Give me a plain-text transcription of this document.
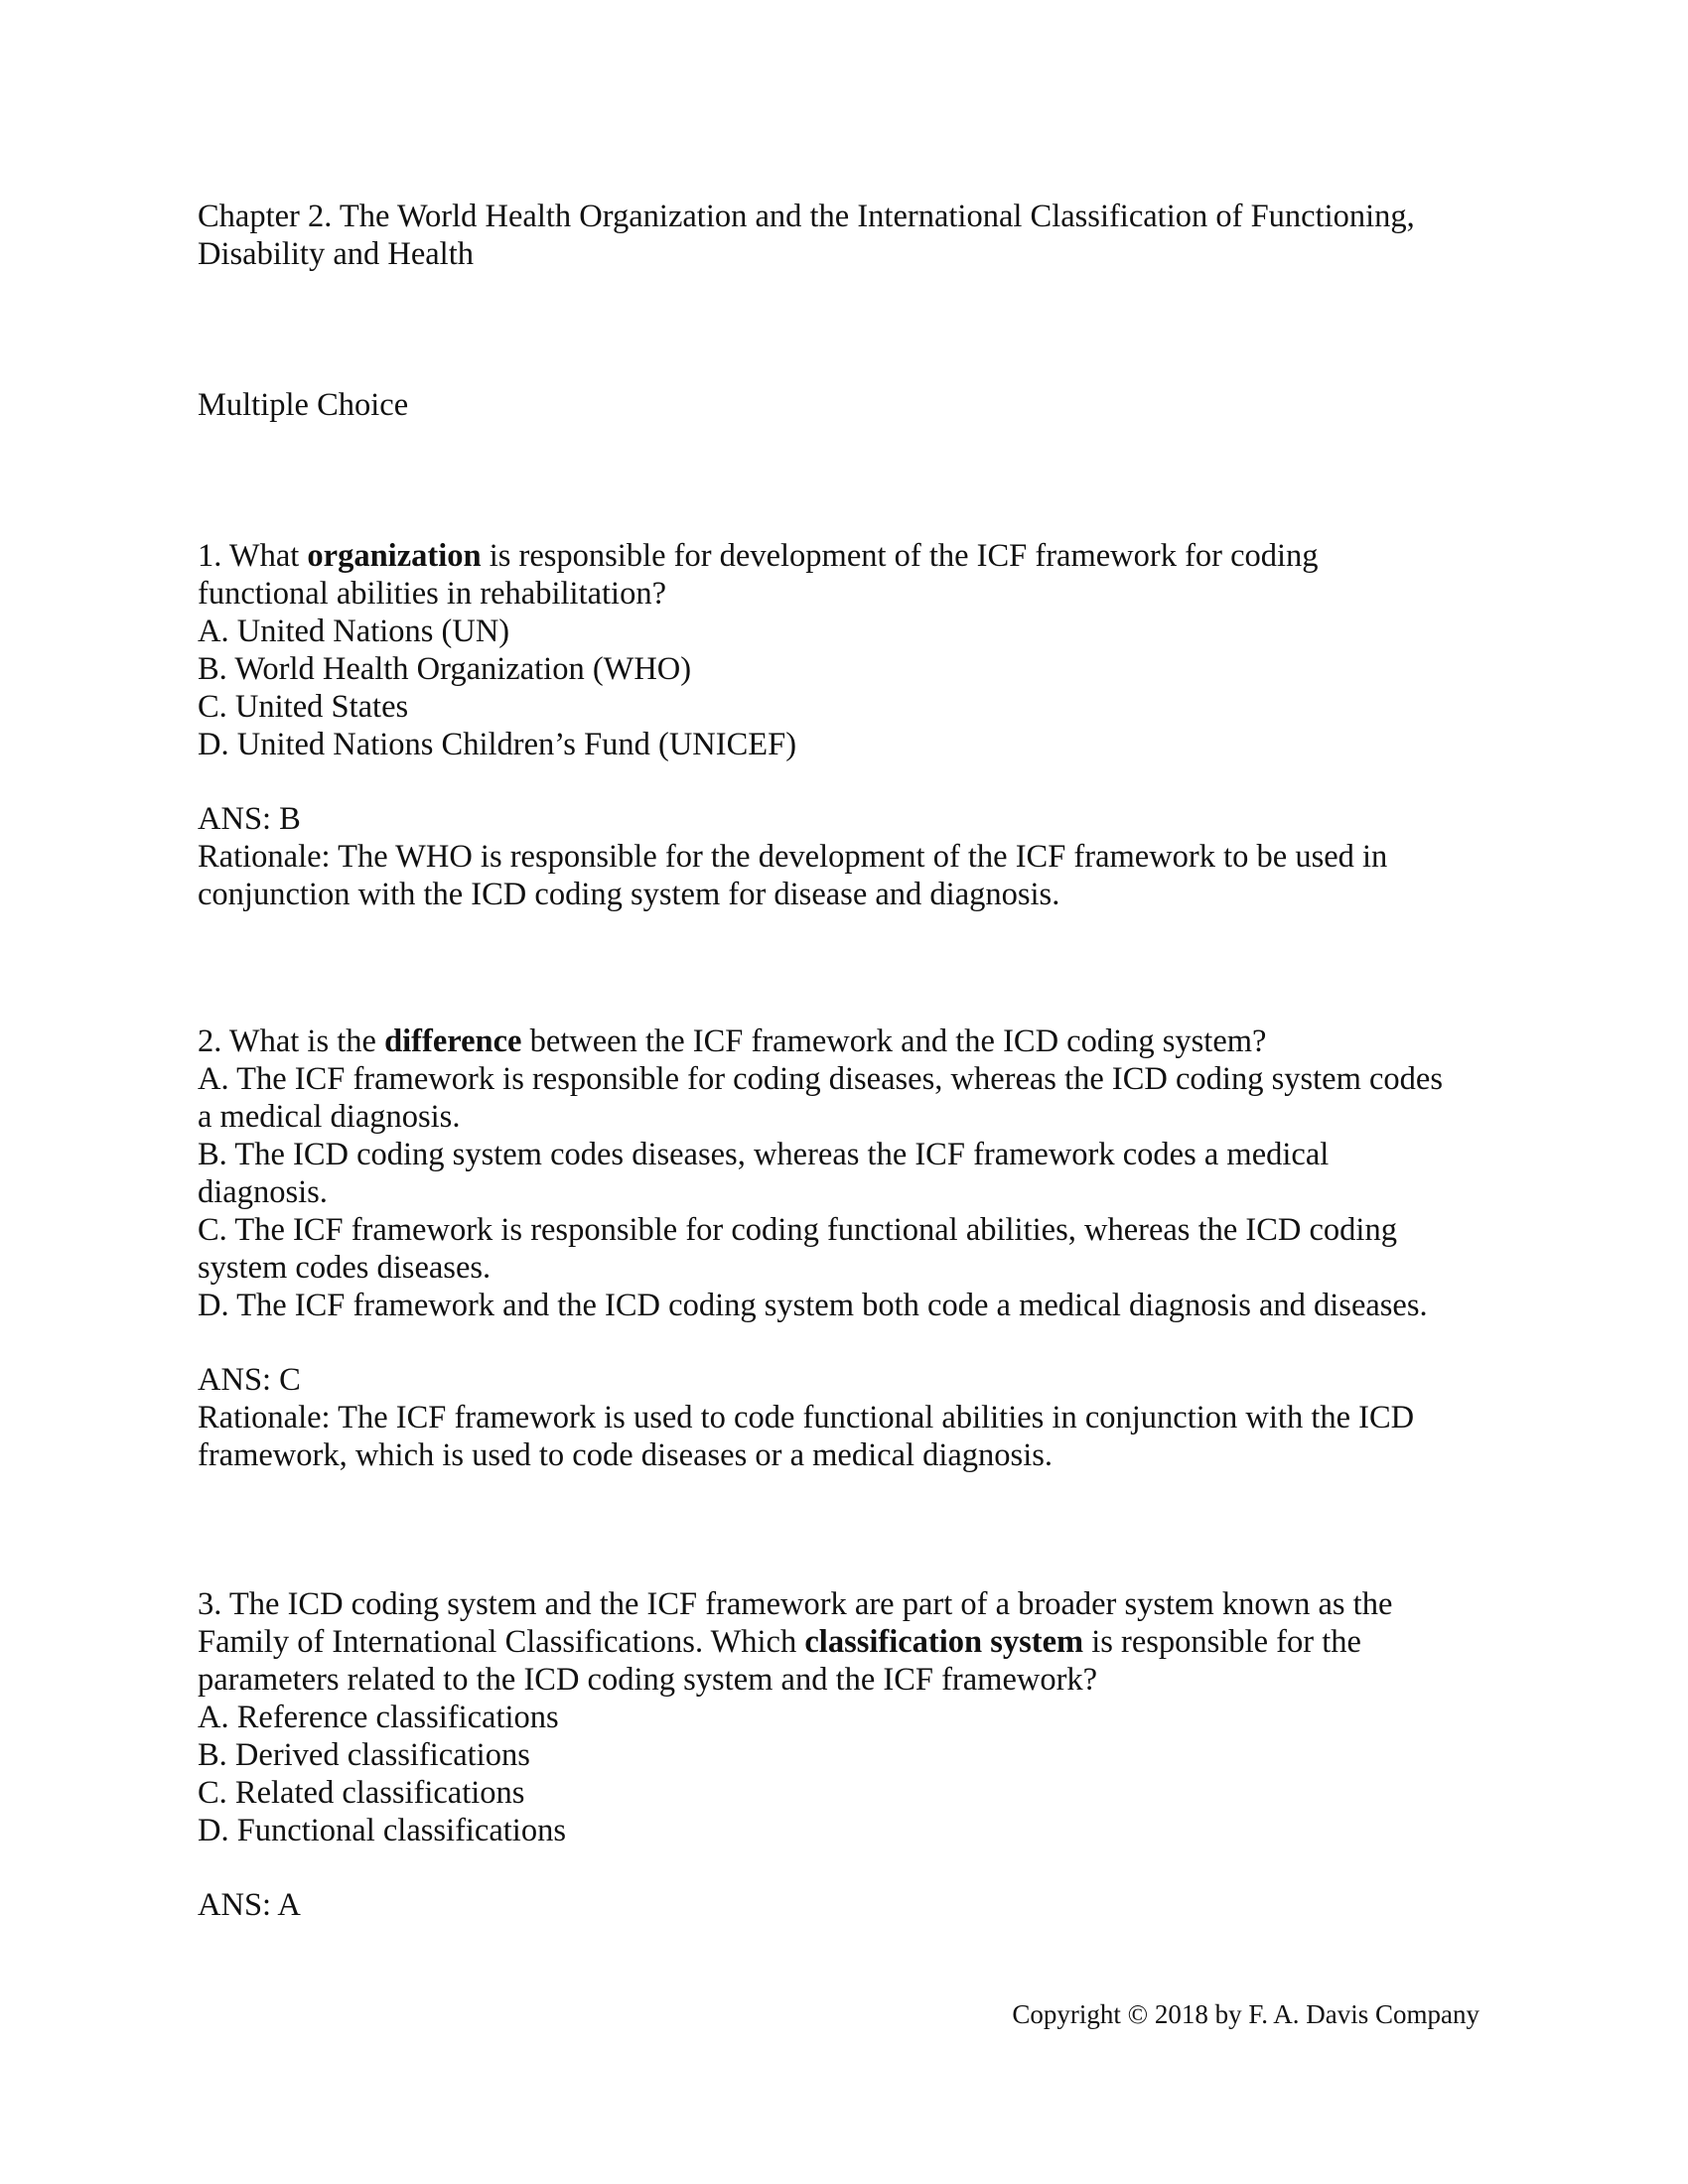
Chapter 2. The World Health Organization and the International Classification of Functioning,
Disability and Health
Multiple Choice
1. What organization is responsible for development of the ICF framework for coding
functional abilities in rehabilitation?
A. United Nations (UN)
B. World Health Organization (WHO)
C. United States
D. United Nations Children’s Fund (UNICEF)
ANS: B
Rationale: The WHO is responsible for the development of the ICF framework to be used in
conjunction with the ICD coding system for disease and diagnosis.
2. What is the difference between the ICF framework and the ICD coding system?
A. The ICF framework is responsible for coding diseases, whereas the ICD coding system codes
a medical diagnosis.
B. The ICD coding system codes diseases, whereas the ICF framework codes a medical
diagnosis.
C. The ICF framework is responsible for coding functional abilities, whereas the ICD coding
system codes diseases.
D. The ICF framework and the ICD coding system both code a medical diagnosis and diseases.
ANS: C
Rationale: The ICF framework is used to code functional abilities in conjunction with the ICD
framework, which is used to code diseases or a medical diagnosis.
3. The ICD coding system and the ICF framework are part of a broader system known as the
Family of International Classifications. Which classification system is responsible for the
parameters related to the ICD coding system and the ICF framework?
A. Reference classifications
B. Derived classifications
C. Related classifications
D. Functional classifications
ANS: A
Copyright © 2018 by F. A. Davis Company
